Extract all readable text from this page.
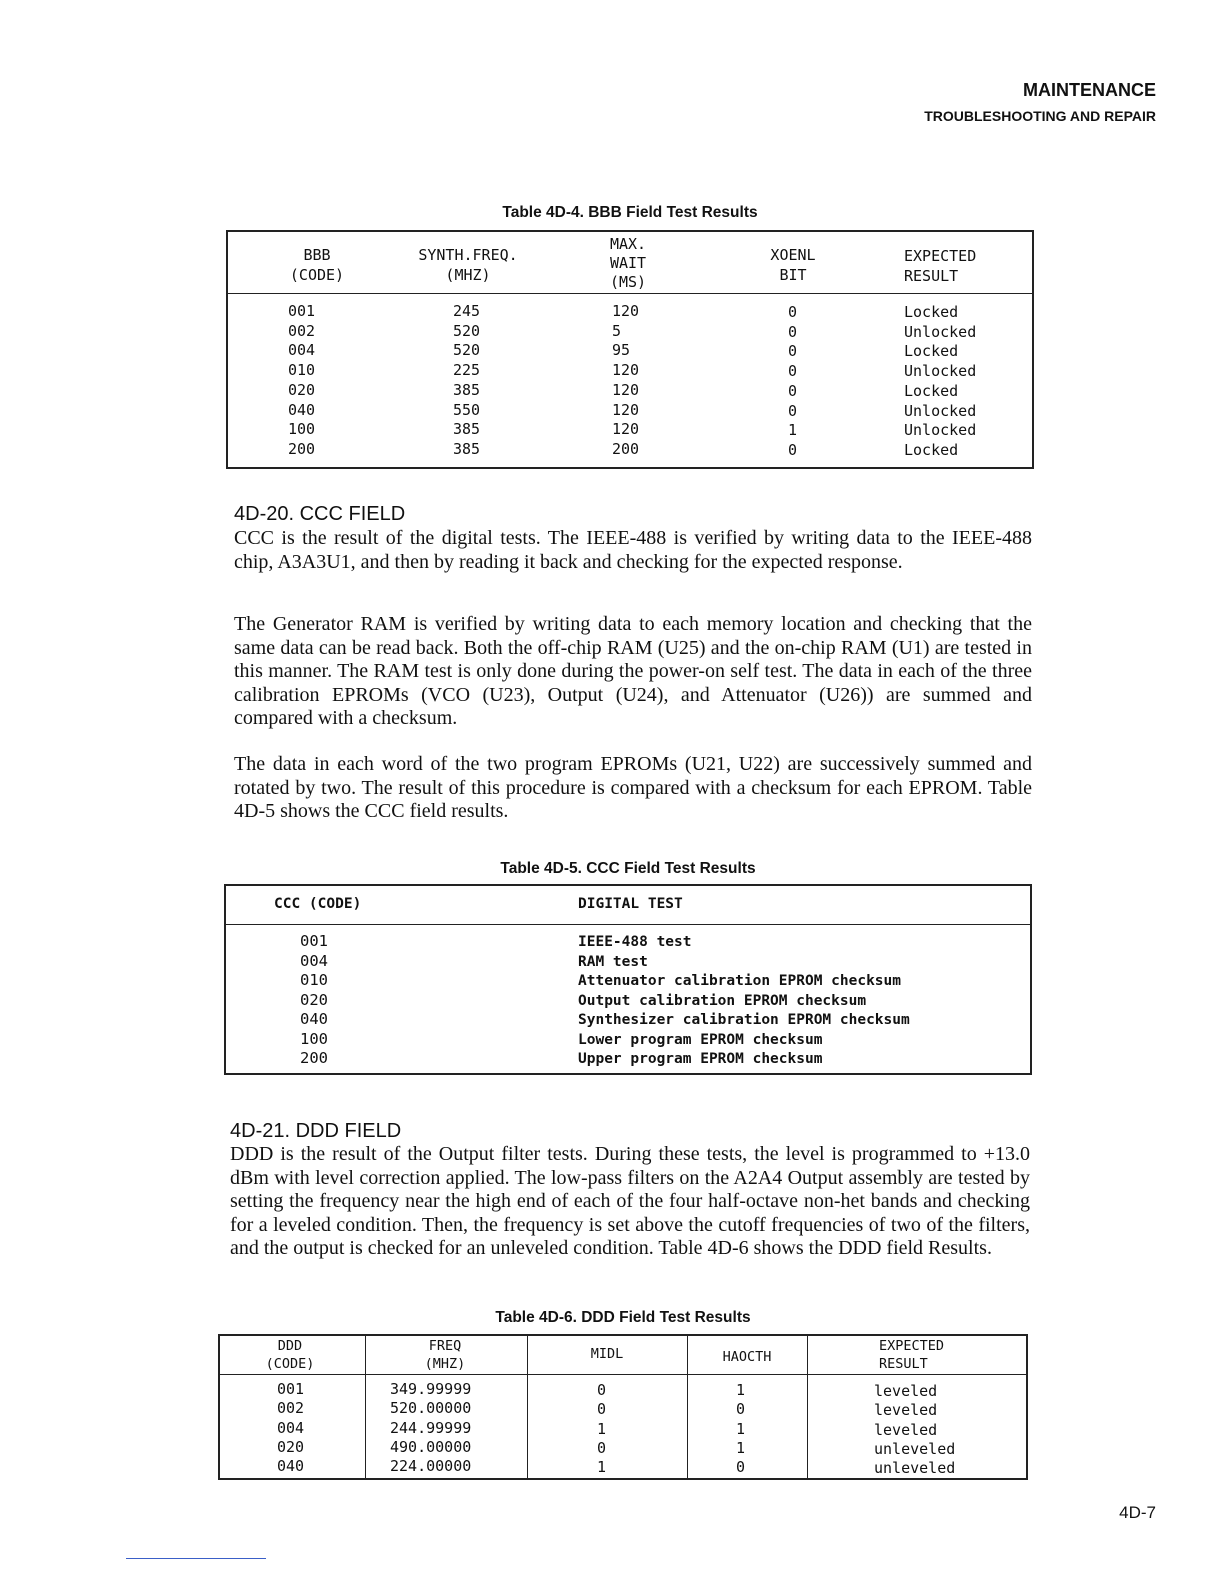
MAINTENANCE
TROUBLESHOOTING AND REPAIR
Table 4D-4. BBB Field Test Results
BBB
(CODE)
SYNTH.FREQ.
(MHZ)
MAX.
WAIT
(MS)
XOENL
BIT
EXPECTED
RESULT
001
002
004
010
020
040
100
200
245
520
520
225
385
550
385
385
120
5
95
120
120
120
120
200
0
0
0
0
0
0
1
0
Locked
Unlocked
Locked
Unlocked
Locked
Unlocked
Unlocked
Locked
4D-20. CCC FIELD
CCC is the result of the digital tests. The IEEE-488 is verified by writing data to the IEEE-488 chip, A3A3U1, and then by reading it back and checking for the expected response.
The Generator RAM is verified by writing data to each memory location and checking that the same data can be read back. Both the off-chip RAM (U25) and the on-chip RAM (U1) are tested in this manner. The RAM test is only done during the power-on self test. The data in each of the three calibration EPROMs (VCO (U23), Output (U24), and Attenuator (U26)) are summed and compared with a checksum.
The data in each word of the two program EPROMs (U21, U22) are successively summed and rotated by two. The result of this procedure is compared with a checksum for each EPROM. Table 4D-5 shows the CCC field results.
Table 4D-5. CCC Field Test Results
CCC (CODE)	DIGITAL TEST
001
004
010
020
040
100
200
IEEE-488 test
RAM test
Attenuator calibration EPROM checksum
Output calibration EPROM checksum
Synthesizer calibration EPROM checksum
Lower program EPROM checksum
Upper program EPROM checksum
4D-21. DDD FIELD
DDD is the result of the Output filter tests. During these tests, the level is programmed to +13.0 dBm with level correction applied. The low-pass filters on the A2A4 Output assembly are tested by setting the frequency near the high end of each of the four half-octave non-het bands and checking for a leveled condition. Then, the frequency is set above the cutoff frequencies of two of the filters, and the output is checked for an unleveled condition. Table 4D-6 shows the DDD field Results.
Table 4D-6. DDD Field Test Results
DDD
(CODE)
FREQ
(MHZ)
MIDL	HAOCTH
EXPECTED
RESULT
001
002
004
020
040
349.99999
520.00000
244.99999
490.00000
224.00000
0
0
1
0
1
1
0
1
1
0
leveled
leveled
leveled
unleveled
unleveled
4D-7
